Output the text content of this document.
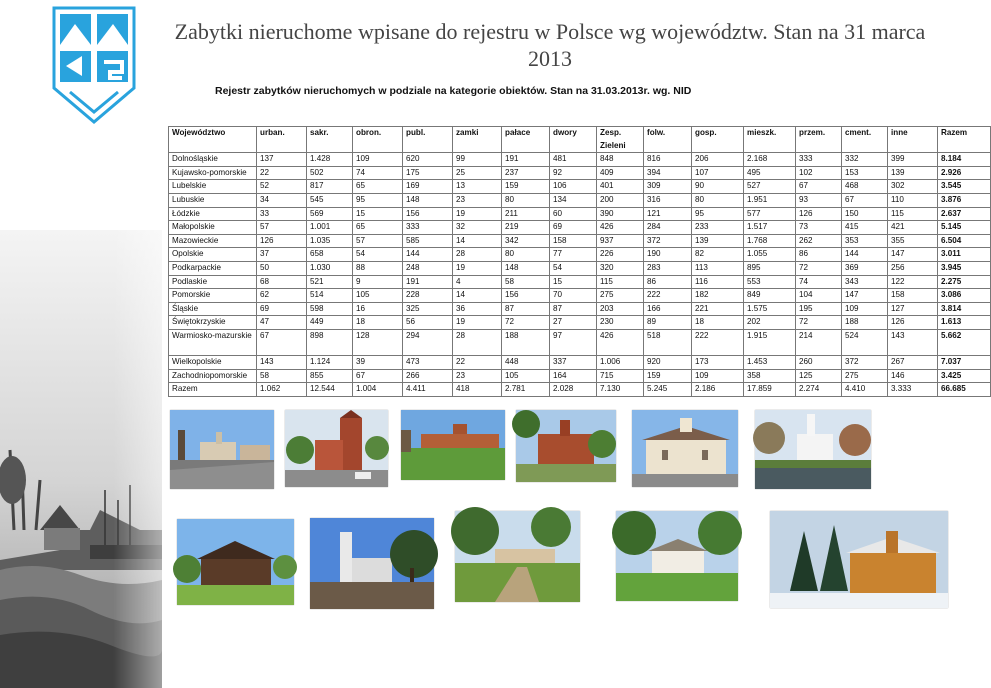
Zabytki nieruchome wpisane do rejestru w Polsce wg województw. Stan na 31 marca 2013
Rejestr zabytków nieruchomych w podziale na kategorie obiektów. Stan na 31.03.2013r. wg. NID
Województwo	urban.	sakr.	obron.	publ.	zamki	pałace	dwory	Zesp. Zieleni	folw.	gosp.	mieszk.	przem.	cment.	inne	Razem
Dolnośląskie	137	1.428	109	620	99	191	481	848	816	206	2.168	333	332	399	8.184
Kujawsko-pomorskie	22	502	74	175	25	237	92	409	394	107	495	102	153	139	2.926
Lubelskie	52	817	65	169	13	159	106	401	309	90	527	67	468	302	3.545
Lubuskie	34	545	95	148	23	80	134	200	316	80	1.951	93	67	110	3.876
Łódzkie	33	569	15	156	19	211	60	390	121	95	577	126	150	115	2.637
Małopolskie	57	1.001	65	333	32	219	69	426	284	233	1.517	73	415	421	5.145
Mazowieckie	126	1.035	57	585	14	342	158	937	372	139	1.768	262	353	355	6.504
Opolskie	37	658	54	144	28	80	77	226	190	82	1.055	86	144	147	3.011
Podkarpackie	50	1.030	88	248	19	148	54	320	283	113	895	72	369	256	3.945
Podlaskie	68	521	9	191	4	58	15	115	86	116	553	74	343	122	2.275
Pomorskie	62	514	105	228	14	156	70	275	222	182	849	104	147	158	3.086
Śląskie	69	598	16	325	36	87	87	203	166	221	1.575	195	109	127	3.814
Świętokrzyskie	47	449	18	56	19	72	27	230	89	18	202	72	188	126	1.613
Warmiosko-mazurskie	67	898	128	294	28	188	97	426	518	222	1.915	214	524	143	5.662
Wielkopolskie	143	1.124	39	473	22	448	337	1.006	920	173	1.453	260	372	267	7.037
Zachodniopomorskie	58	855	67	266	23	105	164	715	159	109	358	125	275	146	3.425
Razem	1.062	12.544	1.004	4.411	418	2.781	2.028	7.130	5.245	2.186	17.859	2.274	4.410	3.333	66.685
